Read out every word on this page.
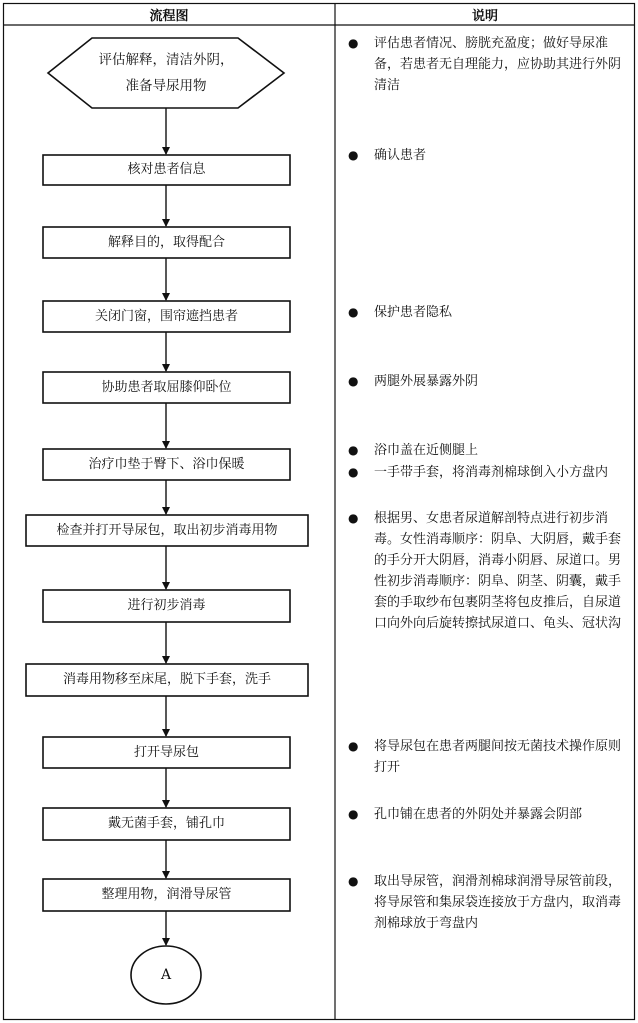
流程图	说明
评估解释，清洁外阴，准备导尿用物
核对患者信息
解释目的，取得配合
关闭门窗，围帘遮挡患者
协助患者取屈膝仰卧位
治疗巾垫于臀下、浴巾保暖
检查并打开导尿包，取出初步消毒用物
进行初步消毒
消毒用物移至床尾，脱下手套，洗手
打开导尿包
戴无菌手套，铺孔巾
整理用物，润滑导尿管
A
● 评估患者情况、膀胱充盈度；做好导尿准备，若患者无自理能力，应协助其进行外阴清洁
● 确认患者
● 保护患者隐私
● 两腿外展暴露外阴
● 浴巾盖在近侧腿上
● 一手带手套，将消毒剂棉球倒入小方盘内
● 根据男、女患者尿道解剖特点进行初步消毒。女性消毒顺序：阴阜、大阴唇，戴手套的手分开大阴唇，消毒小阴唇、尿道口。男性初步消毒顺序：阴阜、阴茎、阴囊，戴手套的手取纱布包裹阴茎将包皮推后，自尿道口向外向后旋转擦拭尿道口、龟头、冠状沟
● 将导尿包在患者两腿间按无菌技术操作原则打开
● 孔巾铺在患者的外阴处并暴露会阴部
● 取出导尿管，润滑剂棉球润滑导尿管前段，将导尿管和集尿袋连接放于方盘内，取消毒剂棉球放于弯盘内
